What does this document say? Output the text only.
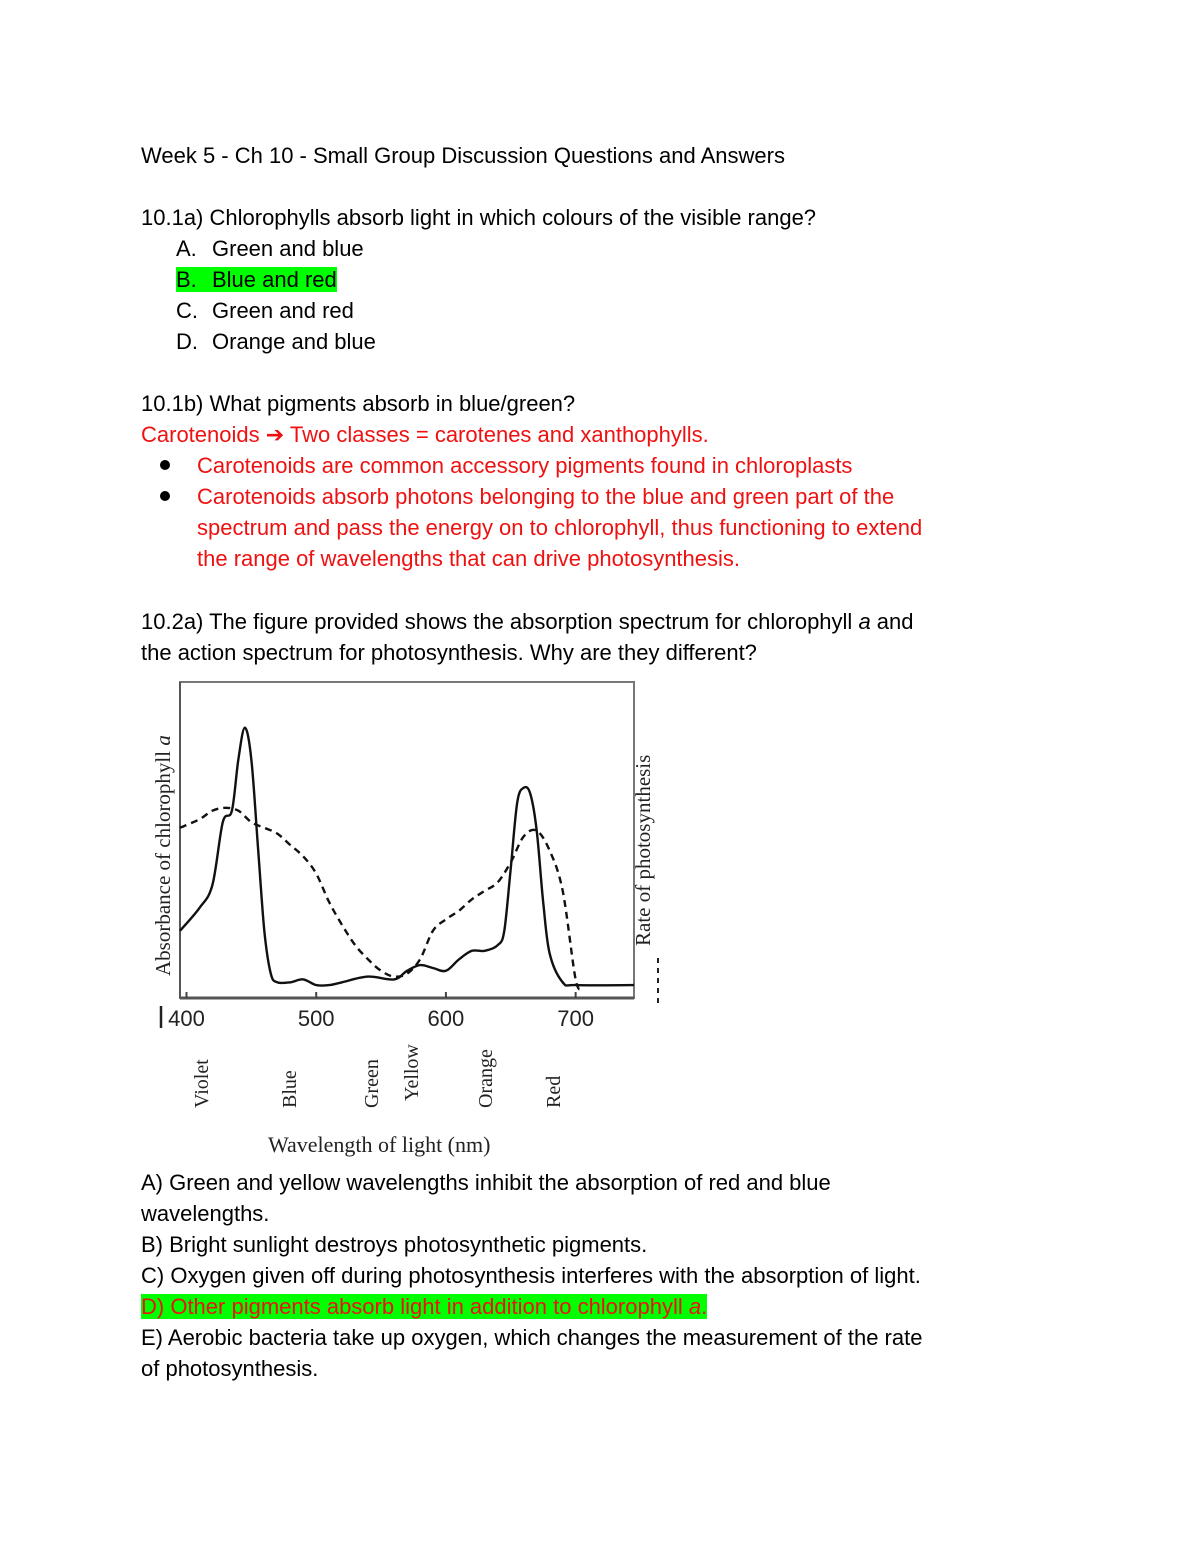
Week 5 - Ch 10 - Small Group Discussion Questions and Answers
10.1a) Chlorophylls absorb light in which colours of the visible range?
A. Green and blue
B. Blue and red
C. Green and red
D. Orange and blue
10.1b) What pigments absorb in blue/green?
Carotenoids ➔ Two classes = carotenes and xanthophylls.
Carotenoids are common accessory pigments found in chloroplasts
Carotenoids absorb photons belonging to the blue and green part of the
spectrum and pass the energy on to chlorophyll, thus functioning to extend
the range of wavelengths that can drive photosynthesis.
10.2a) The figure provided shows the absorption spectrum for chlorophyll a and
the action spectrum for photosynthesis. Why are they different?
400	500	600	700
Absorbance of chlorophyll a
Rate of photosynthesis
Violet	Blue	Green Yellow	Orange Red
Wavelength of light (nm)
A) Green and yellow wavelengths inhibit the absorption of red and blue
wavelengths.
B) Bright sunlight destroys photosynthetic pigments.
C) Oxygen given off during photosynthesis interferes with the absorption of light.
D) Other pigments absorb light in addition to chlorophyll a.
E) Aerobic bacteria take up oxygen, which changes the measurement of the rate
of photosynthesis.
